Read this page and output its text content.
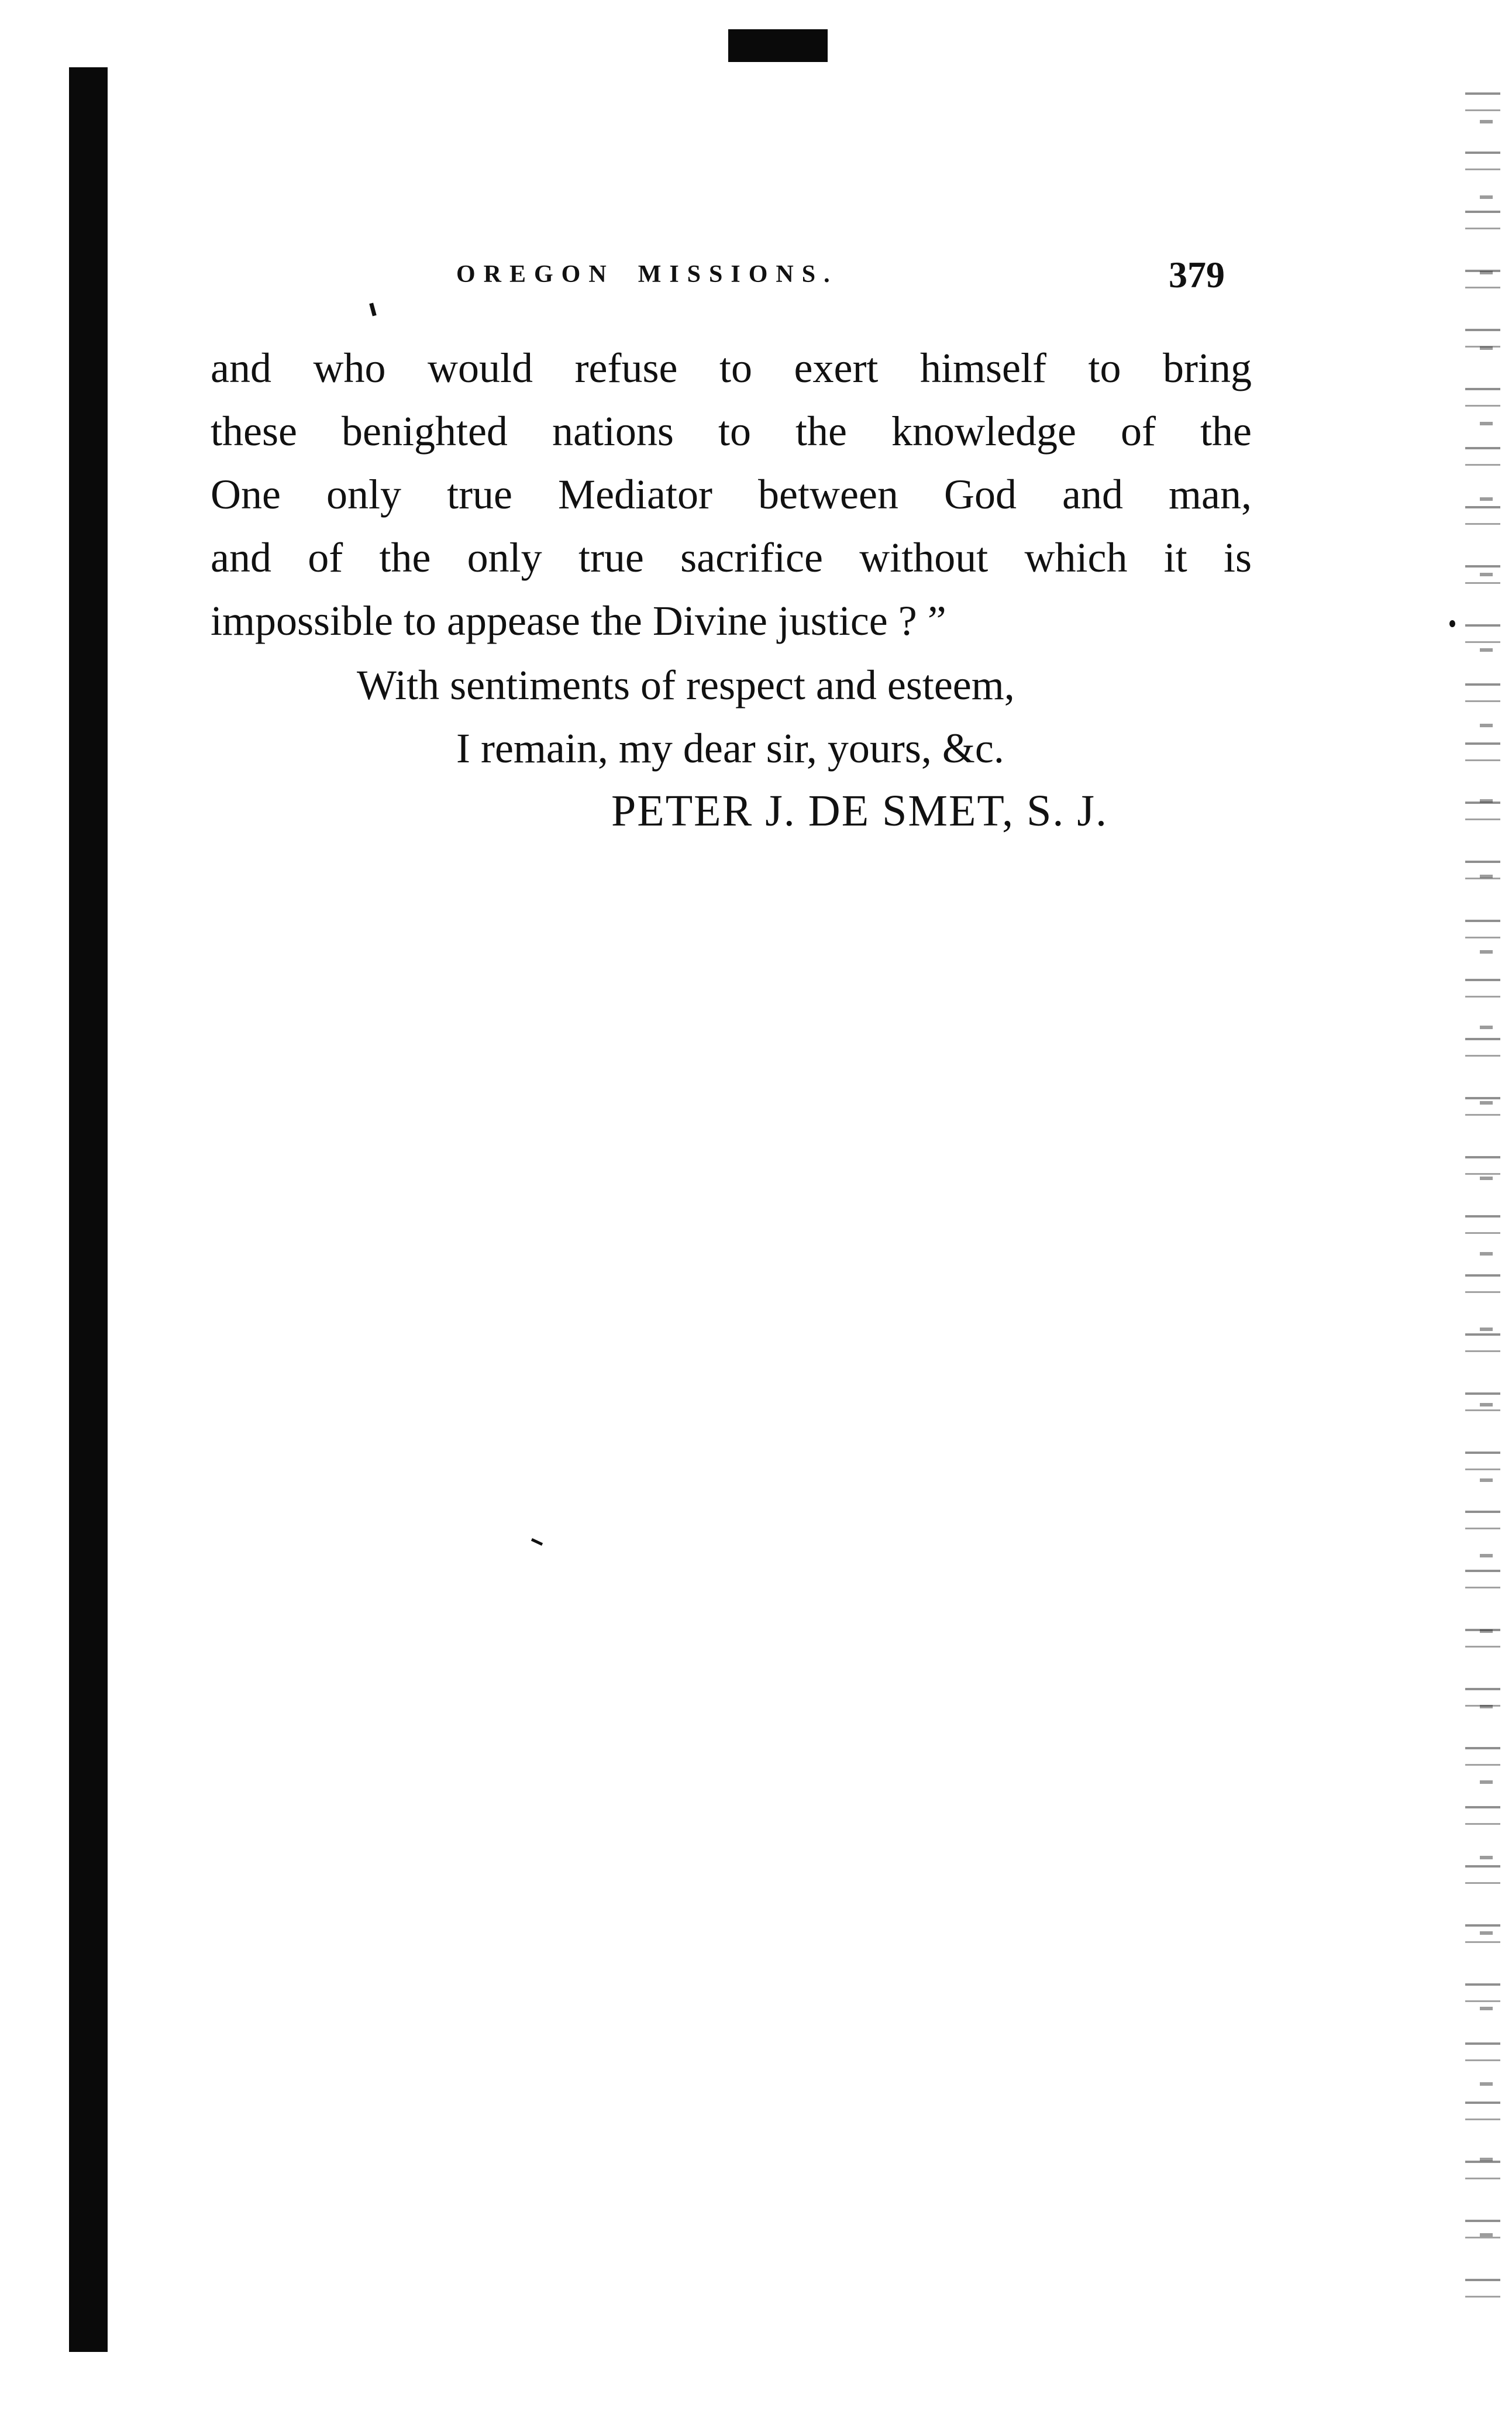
OREGON MISSIONS.	379
and who would refuse to exert himself to bring
these benighted nations to the knowledge of the
One only true Mediator between God and man,
and of the only true sacrifice without which it is
impossible to appease the Divine justice ? ”
With sentiments of respect and esteem,
I remain, my dear sir, yours, &c.
PETER J. DE SMET, S. J.
